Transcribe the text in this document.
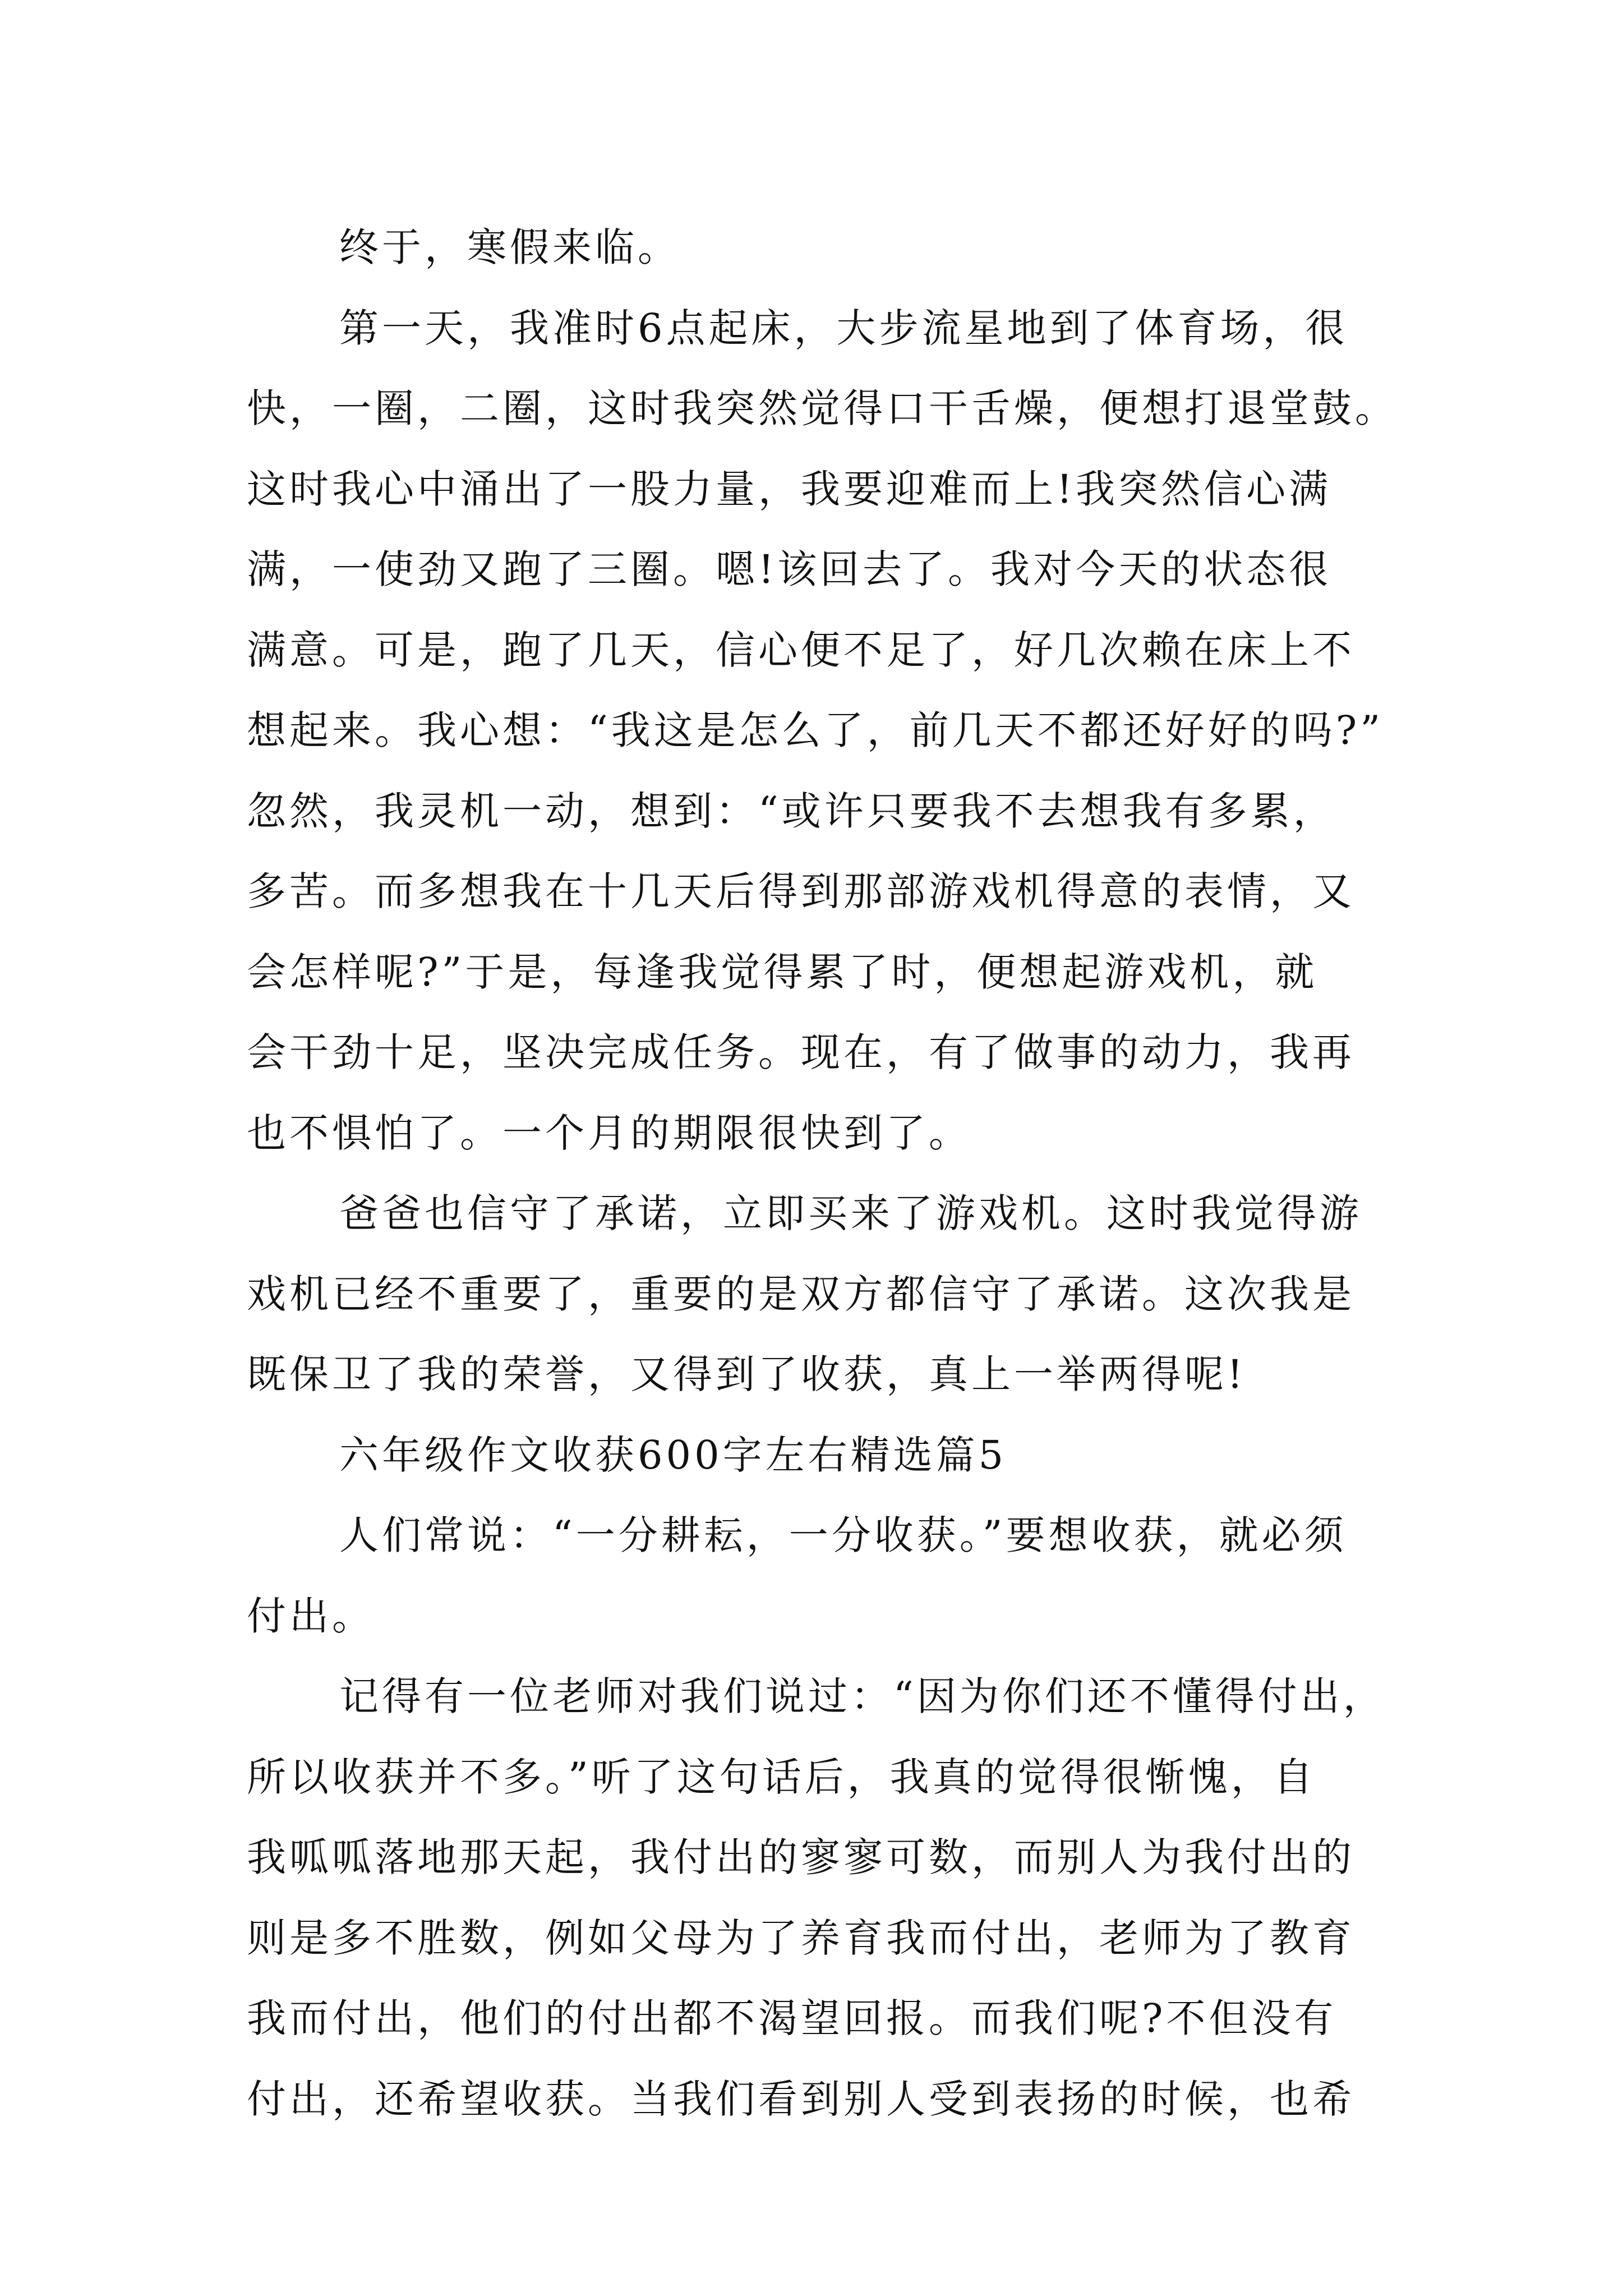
终于，寒假来临。
第一天，我准时6点起床，大步流星地到了体育场，很
快，一圈，二圈，这时我突然觉得口干舌燥，便想打退堂鼓。
这时我心中涌出了一股力量，我要迎难而上!我突然信心满
满，一使劲又跑了三圈。嗯!该回去了。我对今天的状态很
满意。可是，跑了几天，信心便不足了，好几次赖在床上不
想起来。我心想：“我这是怎么了，前几天不都还好好的吗?”
忽然，我灵机一动，想到：“或许只要我不去想我有多累，
多苦。而多想我在十几天后得到那部游戏机得意的表情，又
会怎样呢?”于是，每逢我觉得累了时，便想起游戏机，就
会干劲十足，坚决完成任务。现在，有了做事的动力，我再
也不惧怕了。一个月的期限很快到了。
爸爸也信守了承诺，立即买来了游戏机。这时我觉得游
戏机已经不重要了，重要的是双方都信守了承诺。这次我是
既保卫了我的荣誉，又得到了收获，真上一举两得呢!
六年级作文收获600字左右精选篇5
人们常说：“一分耕耘，一分收获。”要想收获，就必须
付出。
记得有一位老师对我们说过：“因为你们还不懂得付出，
所以收获并不多。”听了这句话后，我真的觉得很惭愧，自
我呱呱落地那天起，我付出的寥寥可数，而别人为我付出的
则是多不胜数，例如父母为了养育我而付出，老师为了教育
我而付出，他们的付出都不渴望回报。而我们呢?不但没有
付出，还希望收获。当我们看到别人受到表扬的时候，也希
